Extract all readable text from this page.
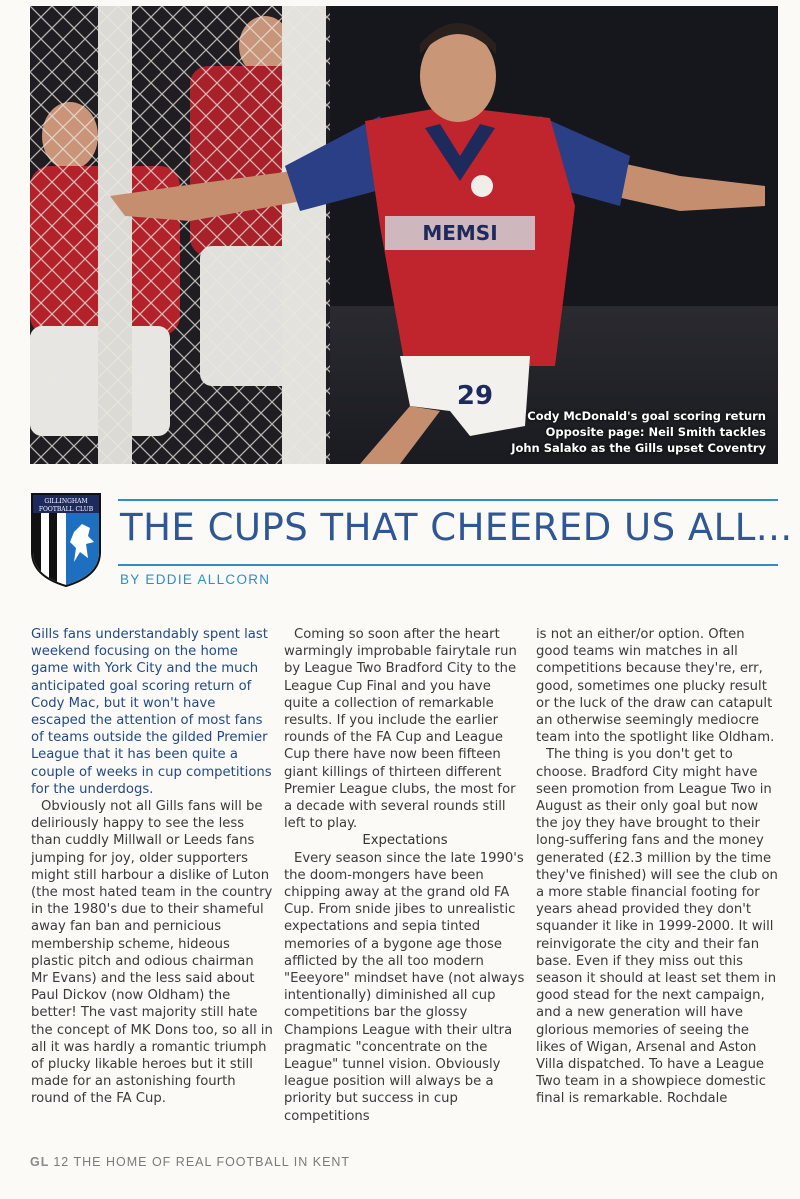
MEMSI
29
Cody McDonald's goal scoring return
Opposite page: Neil Smith tackles
John Salako as the Gills upset Coventry
GILLINGHAM
FOOTBALL CLUB THE CUPS THAT CHEERED US ALL...
BY EDDIE ALLCORN

Gills fans understandably spent last weekend focusing on the home game with York City and the much anticipated goal scoring return of Cody Mac, but it won't have escaped the attention of most fans of teams outside the gilded Premier League that it has been quite a couple of weeks in cup competitions for the underdogs.

Obviously not all Gills fans will be deliriously happy to see the less than cuddly Millwall or Leeds fans jumping for joy, older supporters might still harbour a dislike of Luton (the most hated team in the country in the 1980's due to their shameful away fan ban and pernicious membership scheme, hideous plastic pitch and odious chairman Mr Evans) and the less said about Paul Dickov (now Oldham) the better! The vast majority still hate the concept of MK Dons too, so all in all it was hardly a romantic triumph of plucky likable heroes but it still made for an astonishing fourth round of the FA Cup.

Coming so soon after the heart warmingly improbable fairytale run by League Two Bradford City to the League Cup Final and you have quite a collection of remarkable results. If you include the earlier rounds of the FA Cup and League Cup there have now been fifteen giant killings of thirteen different Premier League clubs, the most for a decade with several rounds still left to play.

Expectations

Every season since the late 1990's the doom-mongers have been chipping away at the grand old FA Cup. From snide jibes to unrealistic expectations and sepia tinted memories of a bygone age those afflicted by the all too modern "Eeeyore" mindset have (not always intentionally) diminished all cup competitions bar the glossy Champions League with their ultra pragmatic "concentrate on the League" tunnel vision. Obviously league position will always be a priority but success in cup competitions

is not an either/or option. Often good teams win matches in all competitions because they're, err, good, sometimes one plucky result or the luck of the draw can catapult an otherwise seemingly mediocre team into the spotlight like Oldham.

The thing is you don't get to choose. Bradford City might have seen promotion from League Two in August as their only goal but now the joy they have brought to their long-suffering fans and the money generated (£2.3 million by the time they've finished) will see the club on a more stable financial footing for years ahead provided they don't squander it like in 1999-2000. It will reinvigorate the city and their fan base. Even if they miss out this season it should at least set them in good stead for the next campaign, and a new generation will have glorious memories of seeing the likes of Wigan, Arsenal and Aston Villa dispatched. To have a League Two team in a showpiece domestic final is remarkable. Rochdale

GL 12 THE HOME OF REAL FOOTBALL IN KENT
